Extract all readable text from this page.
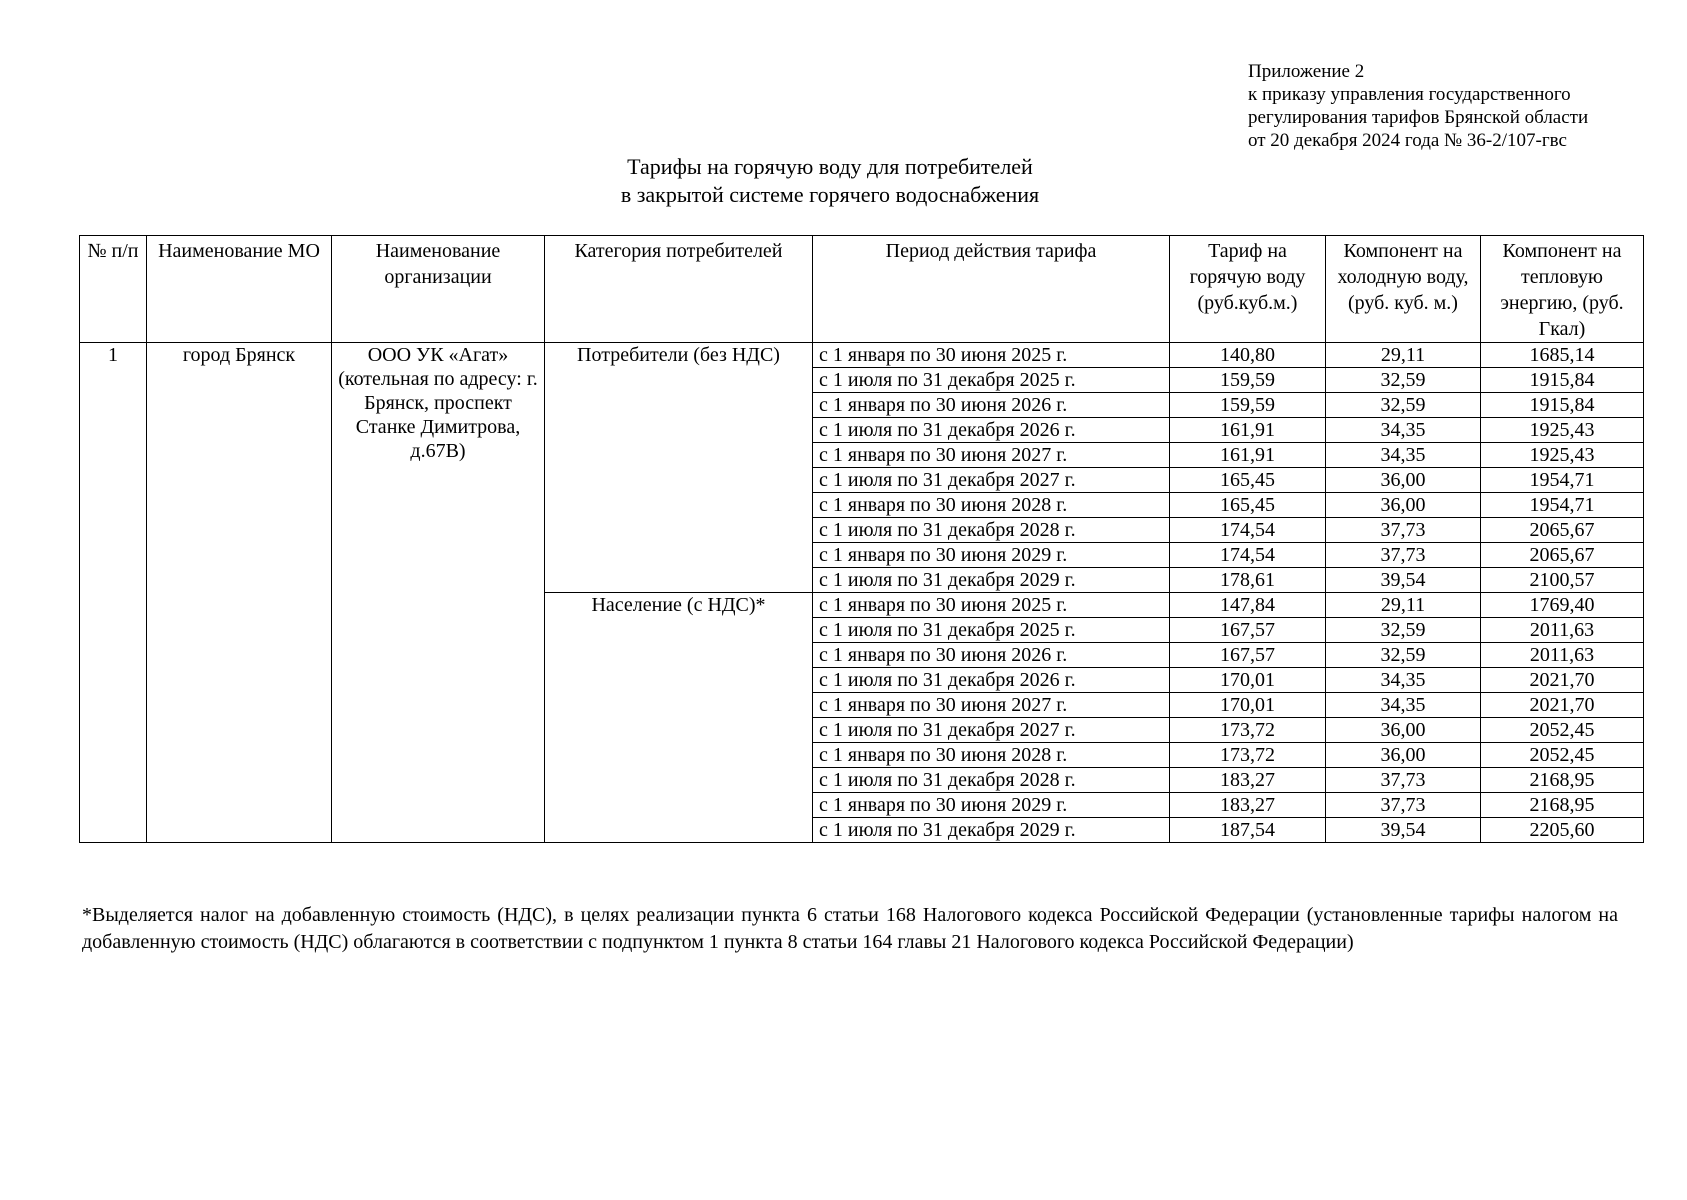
Приложение 2
к приказу управления государственного
регулирования тарифов Брянской области
от 20 декабря 2024 года № 36-2/107-гвс
Тарифы на горячую воду для потребителей
в закрытой системе горячего водоснабжения
№ п/п	Наименование МО	Наименование организации	Категория потребителей	Период действия тарифа	Тариф на горячую воду (руб.куб.м.)	Компонент на холодную воду, (руб. куб. м.)	Компонент на тепловую энергию, (руб. Гкал)
1	город Брянск	ООО УК «Агат» (котельная по адресу: г. Брянск, проспект Станке Димитрова, д.67В)	Потребители (без НДС)	с 1 января по 30 июня 2025 г.	140,80	29,11	1685,14
				с 1 июля по 31 декабря 2025 г.	159,59	32,59	1915,84
				с 1 января по 30 июня 2026 г.	159,59	32,59	1915,84
				с 1 июля по 31 декабря 2026 г.	161,91	34,35	1925,43
				с 1 января по 30 июня 2027 г.	161,91	34,35	1925,43
				с 1 июля по 31 декабря 2027 г.	165,45	36,00	1954,71
				с 1 января по 30 июня 2028 г.	165,45	36,00	1954,71
				с 1 июля по 31 декабря 2028 г.	174,54	37,73	2065,67
				с 1 января по 30 июня 2029 г.	174,54	37,73	2065,67
				с 1 июля по 31 декабря 2029 г.	178,61	39,54	2100,57
			Население (с НДС)*	с 1 января по 30 июня 2025 г.	147,84	29,11	1769,40
				с 1 июля по 31 декабря 2025 г.	167,57	32,59	2011,63
				с 1 января по 30 июня 2026 г.	167,57	32,59	2011,63
				с 1 июля по 31 декабря 2026 г.	170,01	34,35	2021,70
				с 1 января по 30 июня 2027 г.	170,01	34,35	2021,70
				с 1 июля по 31 декабря 2027 г.	173,72	36,00	2052,45
				с 1 января по 30 июня 2028 г.	173,72	36,00	2052,45
				с 1 июля по 31 декабря 2028 г.	183,27	37,73	2168,95
				с 1 января по 30 июня 2029 г.	183,27	37,73	2168,95
				с 1 июля по 31 декабря 2029 г.	187,54	39,54	2205,60
*Выделяется налог на добавленную стоимость (НДС), в целях реализации пункта 6 статьи 168 Налогового кодекса Российской Федерации (установленные тарифы налогом на добавленную стоимость (НДС) облагаются в соответствии с подпунктом 1 пункта 8 статьи 164 главы 21 Налогового кодекса Российской Федерации)
